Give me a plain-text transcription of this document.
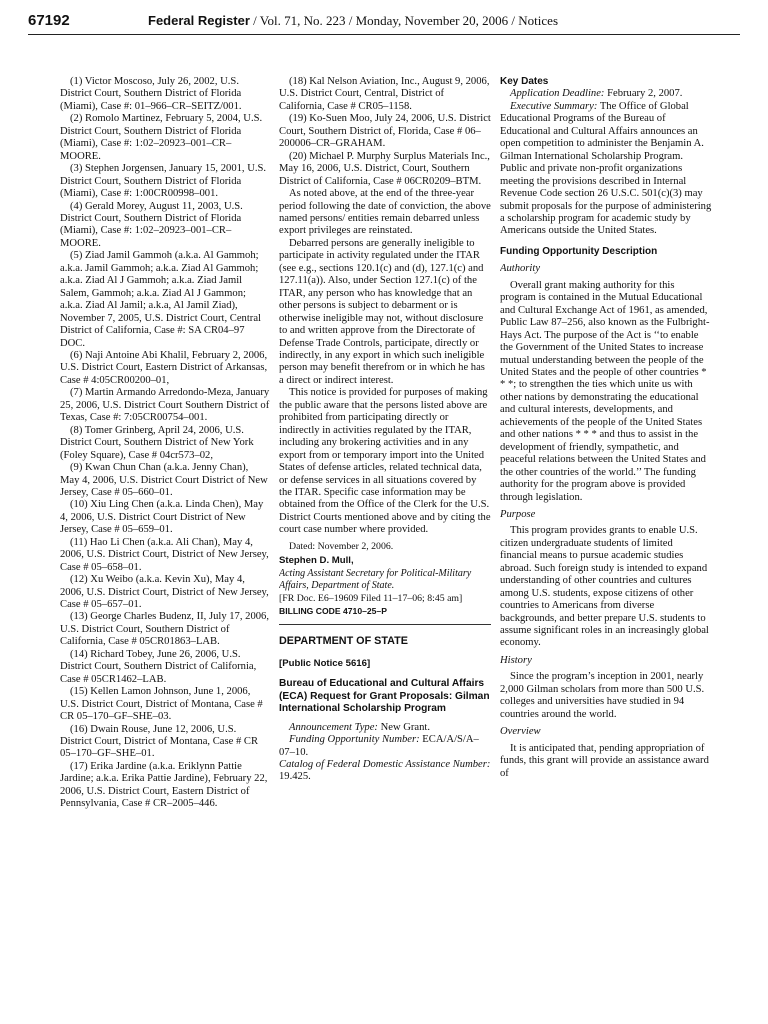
67192	Federal Register / Vol. 71, No. 223 / Monday, November 20, 2006 / Notices

(1) Victor Moscoso, July 26, 2002, U.S. District Court, Southern District of Florida (Miami), Case #: 01–966–CR–SEITZ/001.

(2) Romolo Martinez, February 5, 2004, U.S. District Court, Southern District of Florida (Miami), Case #: 1:02–20923–001–CR–MOORE.

(3) Stephen Jorgensen, January 15, 2001, U.S. District Court, Southern District of Florida (Miami), Case #: 1:00CR00998–001.

(4) Gerald Morey, August 11, 2003, U.S. District Court, Southern District of Florida (Miami), Case #: 1:02–20923–001–CR–MOORE.

(5) Ziad Jamil Gammoh (a.k.a. Al Gammoh; a.k.a. Jamil Gammoh; a.k.a. Ziad Al Gammoh; a.k.a. Ziad Al J Gammoh; a.k.a. Ziad Jamil Salem, Gammoh; a.k.a. Ziad Al J Gammon; a.k.a. Ziad Al Jamil; a.k.a, Al Jamil Ziad), November 7, 2005, U.S. District Court, Central District of California, Case #: SA CR04–97 DOC.

(6) Naji Antoine Abi Khalil, February 2, 2006, U.S. District Court, Eastern District of Arkansas, Case # 4:05CR00200–01,

(7) Martin Armando Arredondo-Meza, January 25, 2006, U.S. District Court Southern District of Texas, Case #: 7:05CR00754–001.

(8) Tomer Grinberg, April 24, 2006, U.S. District Court, Southern District of New York (Foley Square), Case # 04cr573–02,

(9) Kwan Chun Chan (a.k.a. Jenny Chan), May 4, 2006, U.S. District Court District of New Jersey, Case # 05–660–01.

(10) Xiu Ling Chen (a.k.a. Linda Chen), May 4, 2006, U.S. District Court District of New Jersey, Case # 05–659–01.

(11) Hao Li Chen (a.k.a. Ali Chan), May 4, 2006, U.S. District Court, District of New Jersey, Case # 05–658–01.

(12) Xu Weibo (a.k.a. Kevin Xu), May 4, 2006, U.S. District Court, District of New Jersey, Case # 05–657–01.

(13) George Charles Budenz, II, July 17, 2006, U.S. District Court, Southern District of California, Case # 05CR01863–LAB.

(14) Richard Tobey, June 26, 2006, U.S. District Court, Southern District of California, Case # 05CR1462–LAB.

(15) Kellen Lamon Johnson, June 1, 2006, U.S. District Court, District of Montana, Case # CR 05–170–GF–SHE–03.

(16) Dwain Rouse, June 12, 2006, U.S. District Court, District of Montana, Case # CR 05–170–GF–SHE–01.

(17) Erika Jardine (a.k.a. Eriklynn Pattie Jardine; a.k.a. Erika Pattie Jardine), February 22, 2006, U.S. District Court, Eastern District of Pennsylvania, Case # CR–2005–446.

(18) Kal Nelson Aviation, Inc., August 9, 2006, U.S. District Court, Central, District of California, Case # CR05–1158.

(19) Ko-Suen Moo, July 24, 2006, U.S. District Court, Southern District of, Florida, Case # 06–200006–CR–GRAHAM.

(20) Michael P. Murphy Surplus Materials Inc., May 16, 2006, U.S. District, Court, Southern District of California, Case # 06CR0209–BTM.

As noted above, at the end of the three-year period following the date of conviction, the above named persons/ entities remain debarred unless export privileges are reinstated.

Debarred persons are generally ineligible to participate in activity regulated under the ITAR (see e.g., sections 120.1(c) and (d), 127.1(c) and 127.11(a)). Also, under Section 127.1(c) of the ITAR, any person who has knowledge that an other persons is subject to debarment or is otherwise ineligible may not, without disclosure to and written approve from the Directorate of Defense Trade Controls, participate, directly or indirectly, in any export in which such ineligible person may benefit therefrom or in which he has a direct or indirect interest.

This notice is provided for purposes of making the public aware that the persons listed above are prohibited from participating directly or indirectly in activities regulated by the ITAR, including any brokering activities and in any export from or temporary import into the United States of defense articles, related technical data, or defense services in all situations covered by the ITAR. Specific case information may be obtained from the Office of the Clerk for the U.S. District Courts mentioned above and by citing the court case number where provided.

Dated: November 2, 2006.

Stephen D. Mull,

Acting Assistant Secretary for Political-Military Affairs, Department of State.

[FR Doc. E6–19609 Filed 11–17–06; 8:45 am]

BILLING CODE 4710–25–P

DEPARTMENT OF STATE

[Public Notice 5616]

Bureau of Educational and Cultural Affairs (ECA) Request for Grant Proposals: Gilman International Scholarship Program

Announcement Type: New Grant.

Funding Opportunity Number: ECA/A/S/A–07–10.

Catalog of Federal Domestic Assistance Number: 19.425.

Key Dates

Application Deadline: February 2, 2007.

Executive Summary: The Office of Global Educational Programs of the Bureau of Educational and Cultural Affairs announces an open competition to administer the Benjamin A. Gilman International Scholarship Program. Public and private non-profit organizations meeting the provisions described in Internal Revenue Code section 26 U.S.C. 501(c)(3) may submit proposals for the purpose of administering a scholarship program for academic study by Americans outside the United States.

Funding Opportunity Description

Authority

Overall grant making authority for this program is contained in the Mutual Educational and Cultural Exchange Act of 1961, as amended, Public Law 87–256, also known as the Fulbright-Hays Act. The purpose of the Act is ‘‘to enable the Government of the United States to increase mutual understanding between the people of the United States and the people of other countries * * *; to strengthen the ties which unite us with other nations by demonstrating the educational and cultural interests, developments, and achievements of the people of the United States and other nations * * * and thus to assist in the development of friendly, sympathetic, and peaceful relations between the United States and the other countries of the world.’’ The funding authority for the program above is provided through legislation.

Purpose

This program provides grants to enable U.S. citizen undergraduate students of limited financial means to pursue academic studies abroad. Such foreign study is intended to expand understanding of other countries and cultures among U.S. students, expose citizens of other countries to Americans from diverse backgrounds, and better prepare U.S. students to assume significant roles in an increasingly global economy.

History

Since the program’s inception in 2001, nearly 2,000 Gilman scholars from more than 500 U.S. colleges and universities have studied in 94 countries around the world.

Overview

It is anticipated that, pending appropriation of funds, this grant will provide an assistance award of
